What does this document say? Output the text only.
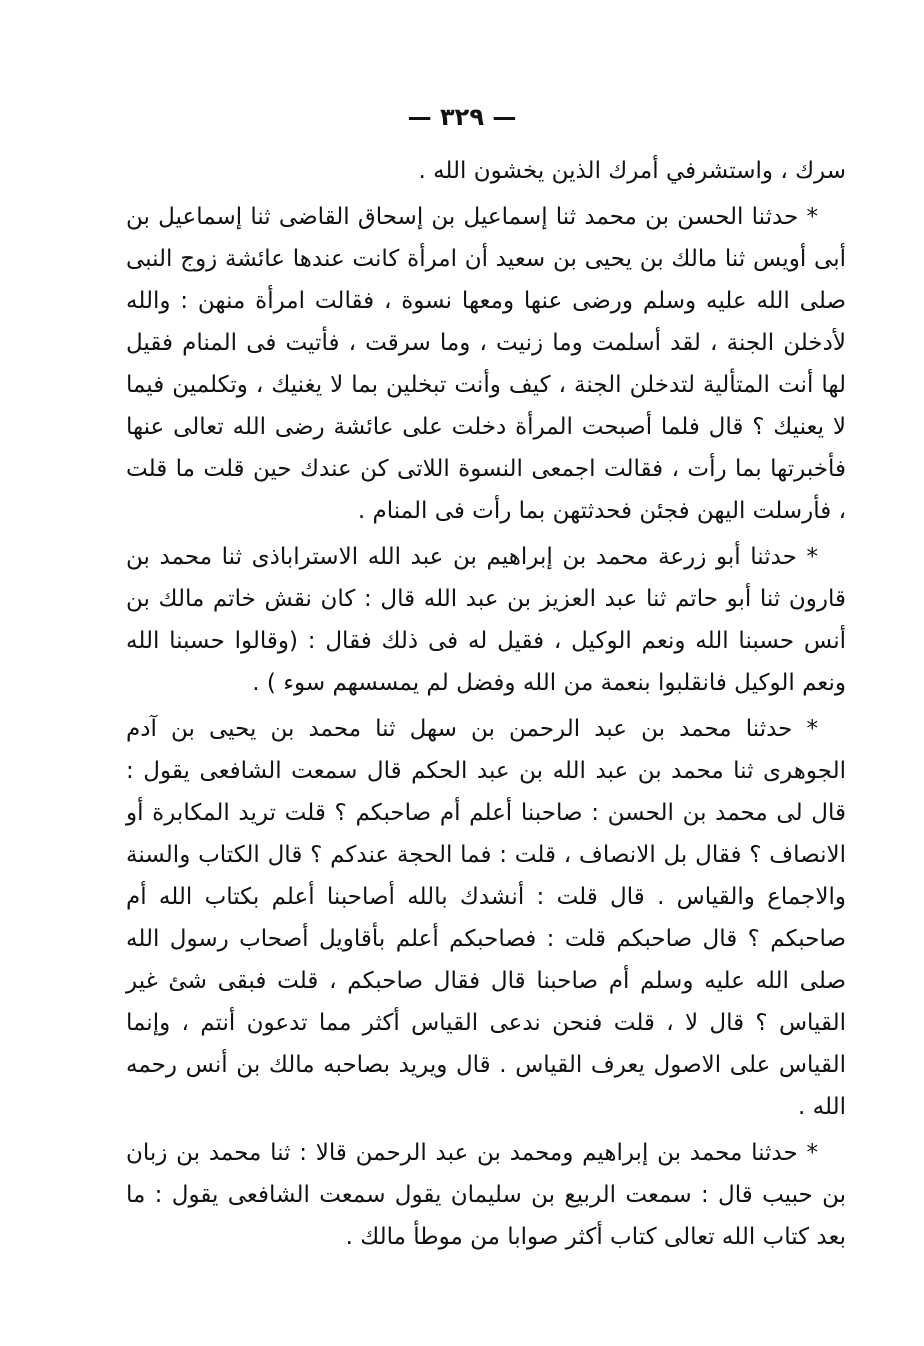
— ٣٢٩ —

سرك ، واستشرفي أمرك الذين يخشون الله .

* حدثنا الحسن بن محمد ثنا إسماعيل بن إسحاق القاضى ثنا إسماعيل بن أبى أويس ثنا مالك بن يحيى بن سعيد أن امرأة كانت عندها عائشة زوج النبى صلى الله عليه وسلم ورضى عنها ومعها نسوة ، فقالت امرأة منهن : والله لأدخلن الجنة ، لقد أسلمت وما زنيت ، وما سرقت ، فأتيت فى المنام فقيل لها أنت المتألية لتدخلن الجنة ، كيف وأنت تبخلين بما لا يغنيك ، وتكلمين فيما لا يعنيك ؟ قال فلما أصبحت المرأة دخلت على عائشة رضى الله تعالى عنها فأخبرتها بما رأت ، فقالت اجمعى النسوة اللاتى كن عندك حين قلت ما قلت ، فأرسلت اليهن فجئن فحدثتهن بما رأت فى المنام .

* حدثنا أبو زرعة محمد بن إبراهيم بن عبد الله الاستراباذى ثنا محمد بن قارون ثنا أبو حاتم ثنا عبد العزيز بن عبد الله قال : كان نقش خاتم مالك بن أنس حسبنا الله ونعم الوكيل ، فقيل له فى ذلك فقال : (وقالوا حسبنا الله ونعم الوكيل فانقلبوا بنعمة من الله وفضل لم يمسسهم سوء ) .

* حدثنا محمد بن عبد الرحمن بن سهل ثنا محمد بن يحيى بن آدم الجوهرى ثنا محمد بن عبد الله بن عبد الحكم قال سمعت الشافعى يقول : قال لى محمد بن الحسن : صاحبنا أعلم أم صاحبكم ؟ قلت تريد المكابرة أو الانصاف ؟ فقال بل الانصاف ، قلت : فما الحجة عندكم ؟ قال الكتاب والسنة والاجماع والقياس . قال قلت : أنشدك بالله أصاحبنا أعلم بكتاب الله أم صاحبكم ؟ قال صاحبكم قلت : فصاحبكم أعلم بأقاويل أصحاب رسول الله صلى الله عليه وسلم أم صاحبنا قال فقال صاحبكم ، قلت فبقى شئ غير القياس ؟ قال لا ، قلت فنحن ندعى القياس أكثر مما تدعون أنتم ، وإنما القياس على الاصول يعرف القياس . قال ويريد بصاحبه مالك بن أنس رحمه الله .

* حدثنا محمد بن إبراهيم ومحمد بن عبد الرحمن قالا : ثنا محمد بن زبان بن حبيب قال : سمعت الربيع بن سليمان يقول سمعت الشافعى يقول : ما بعد كتاب الله تعالى كتاب أكثر صوابا من موطأ مالك .
